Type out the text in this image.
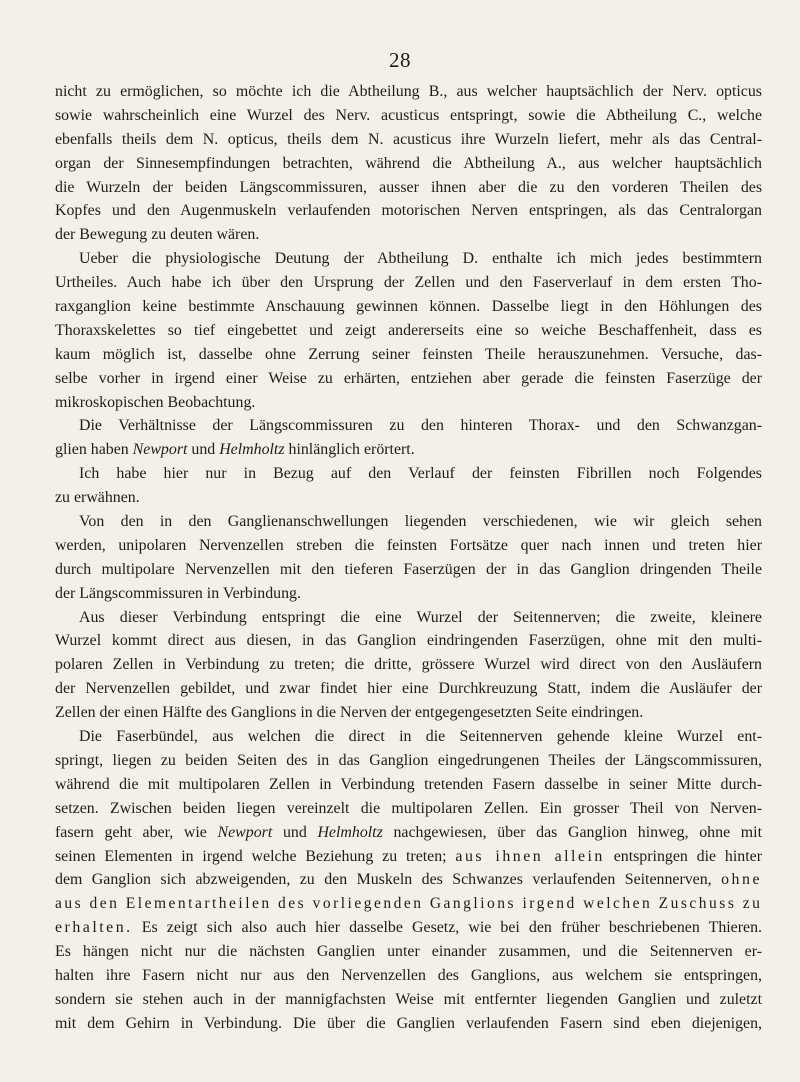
28
nicht zu ermöglichen, so möchte ich die Abtheilung B., aus welcher hauptsächlich der Nerv. opticus
sowie wahrscheinlich eine Wurzel des Nerv. acusticus entspringt, sowie die Abtheilung C., welche
ebenfalls theils dem N. opticus, theils dem N. acusticus ihre Wurzeln liefert, mehr als das Central-
organ der Sinnesempfindungen betrachten, während die Abtheilung A., aus welcher hauptsächlich
die Wurzeln der beiden Längscommissuren, ausser ihnen aber die zu den vorderen Theilen des
Kopfes und den Augenmuskeln verlaufenden motorischen Nerven entspringen, als das Centralorgan
der Bewegung zu deuten wären.
Ueber die physiologische Deutung der Abtheilung D. enthalte ich mich jedes bestimmtern
Urtheiles. Auch habe ich über den Ursprung der Zellen und den Faserverlauf in dem ersten Tho-
raxganglion keine bestimmte Anschauung gewinnen können. Dasselbe liegt in den Höhlungen des
Thoraxskelettes so tief eingebettet und zeigt andererseits eine so weiche Beschaffenheit, dass es
kaum möglich ist, dasselbe ohne Zerrung seiner feinsten Theile herauszunehmen. Versuche, das-
selbe vorher in irgend einer Weise zu erhärten, entziehen aber gerade die feinsten Faserzüge der
mikroskopischen Beobachtung.
Die Verhältnisse der Längscommissuren zu den hinteren Thorax- und den Schwanzgan-
glien haben Newport und Helmholtz hinlänglich erörtert.
Ich habe hier nur in Bezug auf den Verlauf der feinsten Fibrillen noch Folgendes
zu erwähnen.
Von den in den Ganglienanschwellungen liegenden verschiedenen, wie wir gleich sehen
werden, unipolaren Nervenzellen streben die feinsten Fortsätze quer nach innen und treten hier
durch multipolare Nervenzellen mit den tieferen Faserzügen der in das Ganglion dringenden Theile
der Längscommissuren in Verbindung.
Aus dieser Verbindung entspringt die eine Wurzel der Seitennerven; die zweite, kleinere
Wurzel kommt direct aus diesen, in das Ganglion eindringenden Faserzügen, ohne mit den multi-
polaren Zellen in Verbindung zu treten; die dritte, grössere Wurzel wird direct von den Ausläufern
der Nervenzellen gebildet, und zwar findet hier eine Durchkreuzung Statt, indem die Ausläufer der
Zellen der einen Hälfte des Ganglions in die Nerven der entgegengesetzten Seite eindringen.
Die Faserbündel, aus welchen die direct in die Seitennerven gehende kleine Wurzel ent-
springt, liegen zu beiden Seiten des in das Ganglion eingedrungenen Theiles der Längscommissuren,
während die mit multipolaren Zellen in Verbindung tretenden Fasern dasselbe in seiner Mitte durch-
setzen. Zwischen beiden liegen vereinzelt die multipolaren Zellen. Ein grosser Theil von Nerven-
fasern geht aber, wie Newport und Helmholtz nachgewiesen, über das Ganglion hinweg, ohne mit
seinen Elementen in irgend welche Beziehung zu treten; aus ihnen allein entspringen die hinter
dem Ganglion sich abzweigenden, zu den Muskeln des Schwanzes verlaufenden Seitennerven, ohne
aus den Elementartheilen des vorliegenden Ganglions irgend welchen Zuschuss zu
erhalten. Es zeigt sich also auch hier dasselbe Gesetz, wie bei den früher beschriebenen Thieren.
Es hängen nicht nur die nächsten Ganglien unter einander zusammen, und die Seitennerven er-
halten ihre Fasern nicht nur aus den Nervenzellen des Ganglions, aus welchem sie entspringen,
sondern sie stehen auch in der mannigfachsten Weise mit entfernter liegenden Ganglien und zuletzt
mit dem Gehirn in Verbindung. Die über die Ganglien verlaufenden Fasern sind eben diejenigen,
